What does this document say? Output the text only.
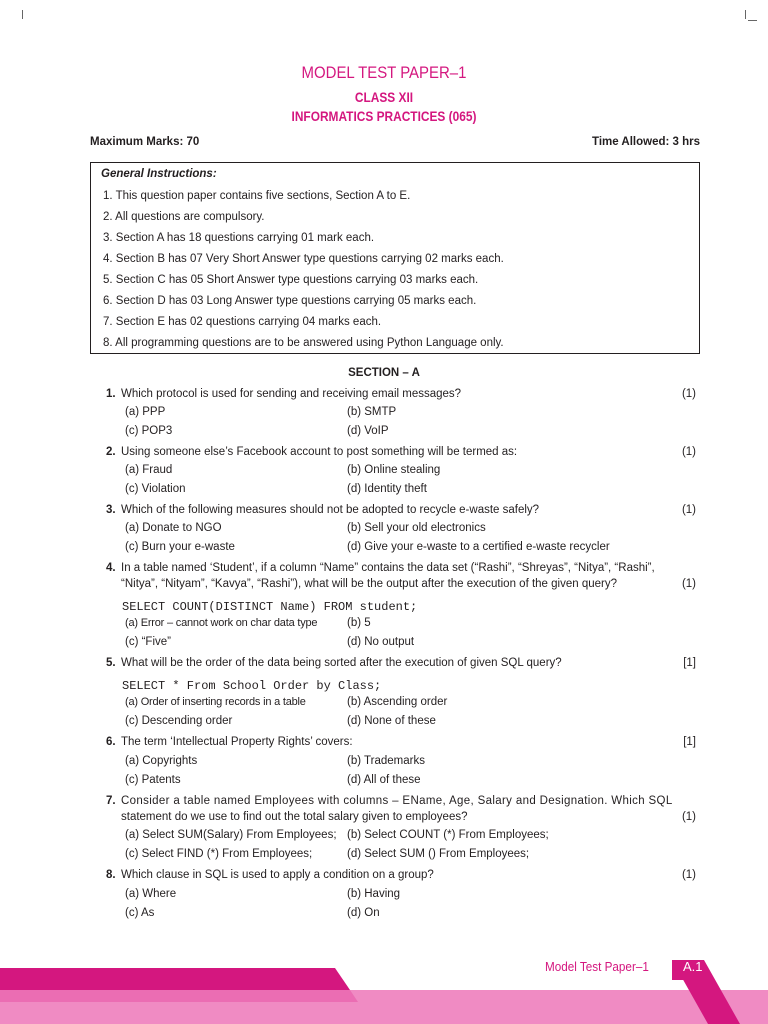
MODEL TEST PAPER–1
CLASS XII
INFORMATICS PRACTICES (065)
Maximum Marks: 70	Time Allowed: 3 hrs
General Instructions:
1. This question paper contains five sections, Section A to E.
2. All questions are compulsory.
3. Section A has 18 questions carrying 01 mark each.
4. Section B has 07 Very Short Answer type questions carrying 02 marks each.
5. Section C has 05 Short Answer type questions carrying 03 marks each.
6. Section D has 03 Long Answer type questions carrying 05 marks each.
7. Section E has 02 questions carrying 04 marks each.
8. All programming questions are to be answered using Python Language only.
SECTION – A
1. Which protocol is used for sending and receiving email messages?	(1)
(a) PPP	(b) SMTP
(c) POP3	(d) VoIP
2. Using someone else’s Facebook account to post something will be termed as:	(1)
(a) Fraud	(b) Online stealing
(c) Violation	(d) Identity theft
3. Which of the following measures should not be adopted to recycle e-waste safely?	(1)
(a) Donate to NGO	(b) Sell your old electronics
(c) Burn your e-waste	(d) Give your e-waste to a certified e-waste recycler
4. In a table named ‘Student’, if a column “Name” contains the data set (“Rashi”, “Shreyas”, “Nitya”, “Rashi”,
“Nitya”, “Nityam”, “Kavya”, “Rashi”), what will be the output after the execution of the given query?	(1)
SELECT COUNT(DISTINCT Name) FROM student;
(a) Error – cannot work on char data type	(b) 5
(c) “Five”	(d) No output
5. What will be the order of the data being sorted after the execution of given SQL query?	[1]
SELECT * From School Order by Class;
(a) Order of inserting records in a table	(b) Ascending order
(c) Descending order	(d) None of these
6. The term ‘Intellectual Property Rights’ covers:	[1]
(a) Copyrights	(b) Trademarks
(c) Patents	(d) All of these
7. Consider a table named Employees with columns – EName, Age, Salary and Designation. Which SQL
statement do we use to find out the total salary given to employees?	(1)
(a) Select SUM(Salary) From Employees; (b) Select COUNT (*) From Employees;
(c) Select FIND (*) From Employees;	(d) Select SUM () From Employees;
8. Which clause in SQL is used to apply a condition on a group?	(1)
(a) Where	(b) Having
(c) As	(d) On
Model Test Paper–1	A.1
